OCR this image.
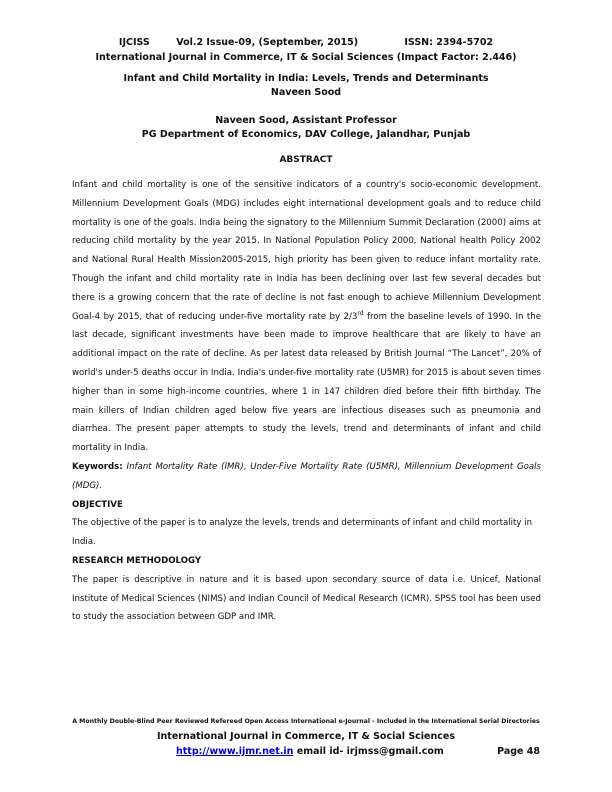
IJCISS	Vol.2 Issue-09, (September, 2015)	ISSN: 2394-5702
International Journal in Commerce, IT & Social Sciences (Impact Factor: 2.446)
Infant and Child Mortality in India: Levels, Trends and Determinants
Naveen Sood
Naveen Sood, Assistant Professor
PG Department of Economics, DAV College, Jalandhar, Punjab
ABSTRACT

Infant and child mortality is one of the sensitive indicators of a country's socio-economic development. Millennium Development Goals (MDG) includes eight international development goals and to reduce child mortality is one of the goals. India being the signatory to the Millennium Summit Declaration (2000) aims at reducing child mortality by the year 2015. In National Population Policy 2000, National health Policy 2002 and National Rural Health Mission2005-2015, high priority has been given to reduce infant mortality rate. Though the infant and child mortality rate in India has been declining over last few several decades but there is a growing concern that the rate of decline is not fast enough to achieve Millennium Development Goal-4 by 2015, that of reducing under-five mortality rate by 2/3rd from the baseline levels of 1990. In the last decade, significant investments have been made to improve healthcare that are likely to have an additional impact on the rate of decline. As per latest data released by British Journal “The Lancet”, 20% of world's under-5 deaths occur in India. India's under-five mortality rate (U5MR) for 2015 is about seven times higher than in some high-income countries, where 1 in 147 children died before their fifth birthday. The main killers of Indian children aged below five years are infectious diseases such as pneumonia and diarrhea. The present paper attempts to study the levels, trend and determinants of infant and child mortality in India.

Keywords: Infant Mortality Rate (IMR), Under-Five Mortality Rate (U5MR), Millennium Development Goals (MDG).

OBJECTIVE

The objective of the paper is to analyze the levels, trends and determinants of infant and child mortality in India.

RESEARCH METHODOLOGY

The paper is descriptive in nature and it is based upon secondary source of data i.e. Unicef, National Institute of Medical Sciences (NIMS) and Indian Council of Medical Research (ICMR). SPSS tool has been used to study the association between GDP and IMR.

A Monthly Double-Blind Peer Reviewed Refereed Open Access International e-Journal - Included in the International Serial Directories
International Journal in Commerce, IT & Social Sciences
http://www.ijmr.net.in email id- irjmss@gmail.com	Page 48
